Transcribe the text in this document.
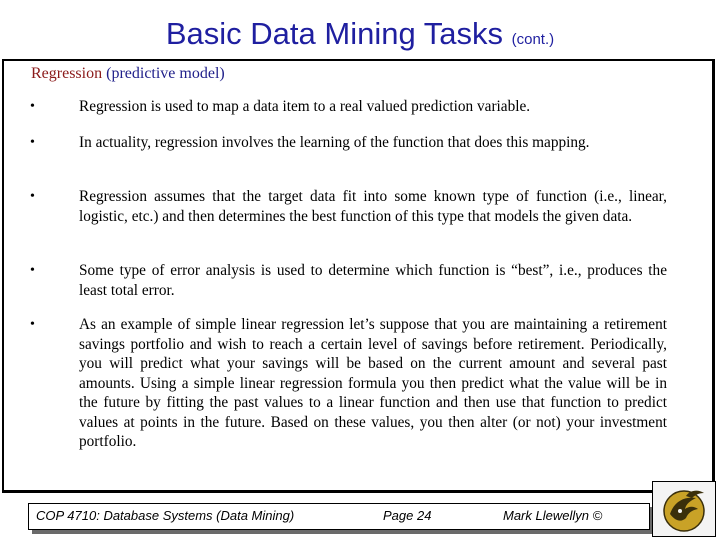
Basic Data Mining Tasks (cont.)
Regression (predictive model)
•	Regression is used to map a data item to a real valued prediction variable.
•	In actuality, regression involves the learning of the function that does this mapping.
•	Regression assumes that the target data fit into some known type of function (i.e., linear, logistic, etc.) and then determines the best function of this type that models the given data.
•	Some type of error analysis is used to determine which function is “best”, i.e., produces the least total error.
•	As an example of simple linear regression let’s suppose that you are maintaining a retirement savings portfolio and wish to reach a certain level of savings before retirement. Periodically, you will predict what your savings will be based on the current amount and several past amounts. Using a simple linear regression formula you then predict what the value will be in the future by fitting the past values to a linear function and then use that function to predict values at points in the future. Based on these values, you then alter (or not) your investment portfolio.
COP 4710: Database Systems (Data Mining)	Page 24	Mark Llewellyn ©
